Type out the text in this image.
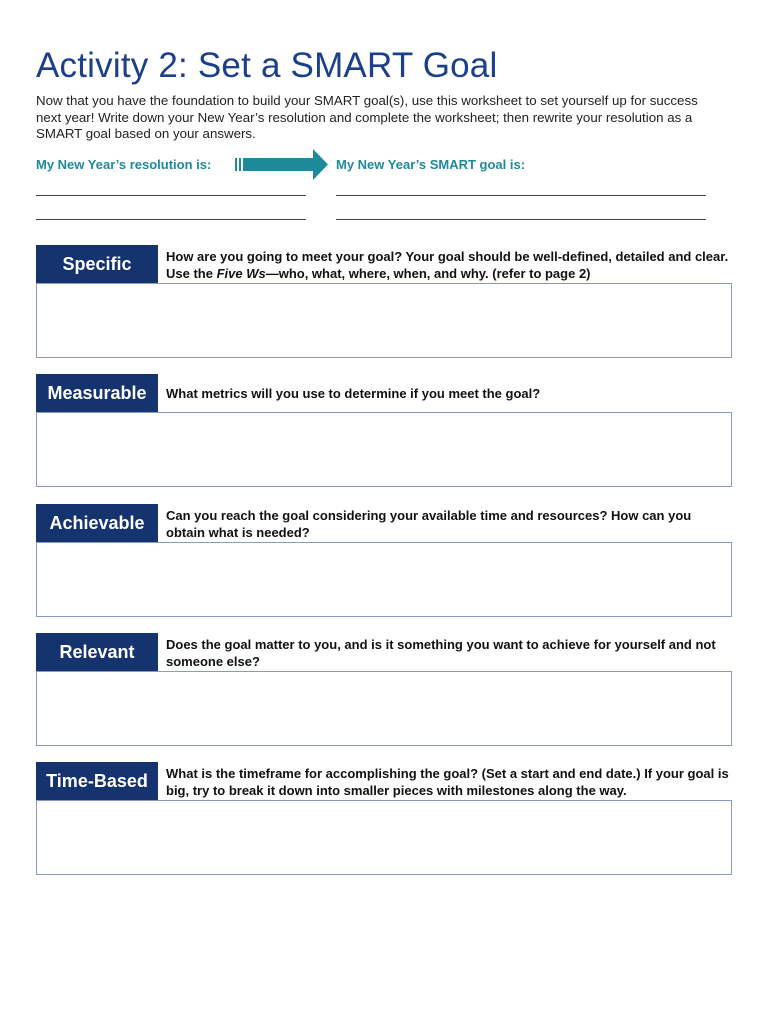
Activity 2: Set a SMART Goal

Now that you have the foundation to build your SMART goal(s), use this worksheet to set yourself up for success next year! Write down your New Year’s resolution and complete the worksheet; then rewrite your resolution as a SMART goal based on your answers.

My New Year’s resolution is:	My New Year’s SMART goal is:
Specific	How are you going to meet your goal? Your goal should be well-defined, detailed and clear. Use the Five Ws—who, what, where, when, and why. (refer to page 2)

Measurable	What metrics will you use to determine if you meet the goal?

Achievable	Can you reach the goal considering your available time and resources? How can you obtain what is needed?

Relevant	Does the goal matter to you, and is it something you want to achieve for yourself and not someone else?

Time-Based	What is the timeframe for accomplishing the goal? (Set a start and end date.) If your goal is big, try to break it down into smaller pieces with milestones along the way.
